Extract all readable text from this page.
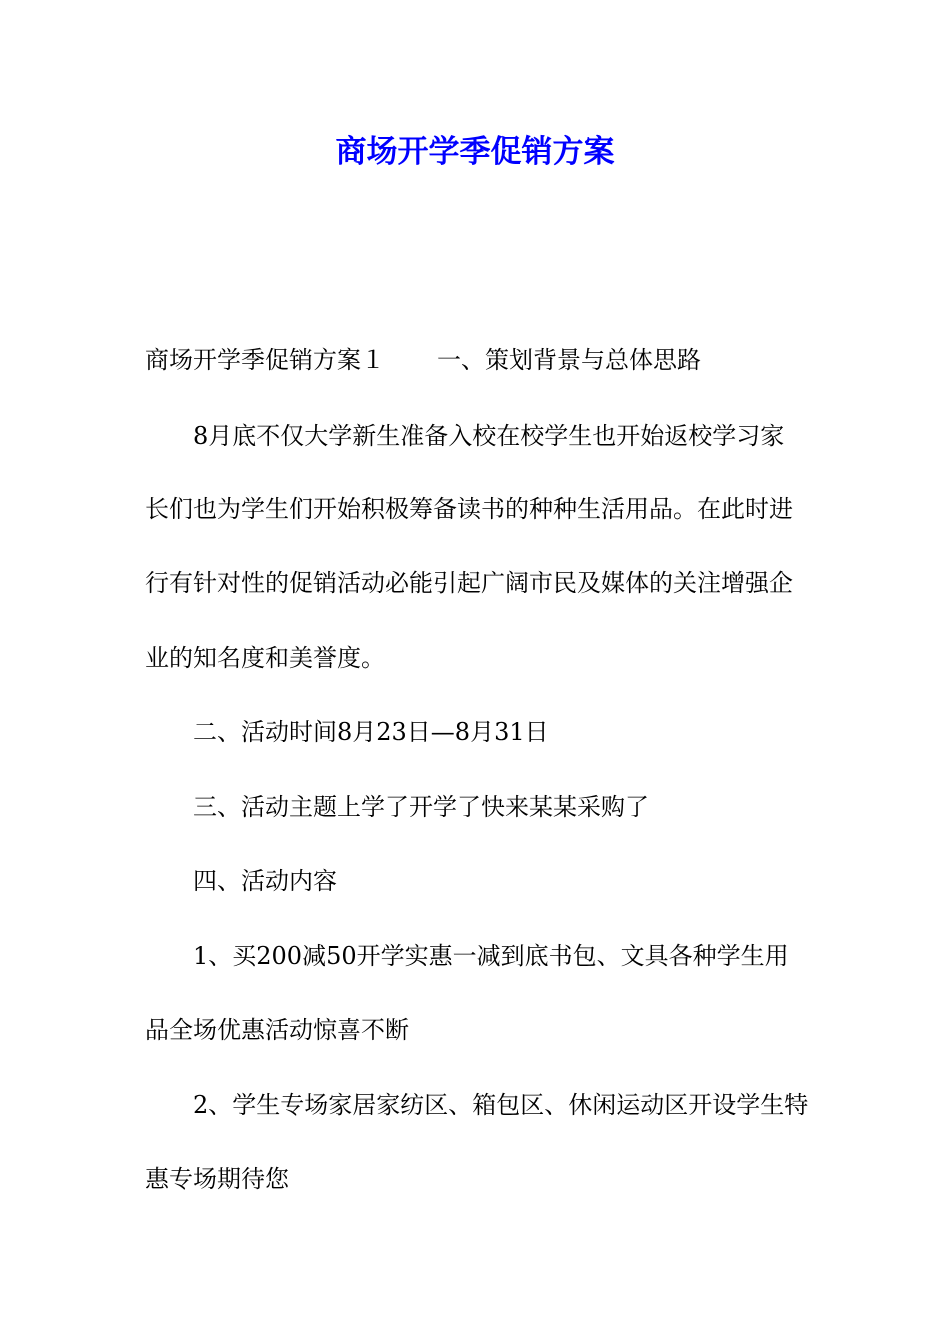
商场开学季促销方案

商场开学季促销方案１ 一、策划背景与总体思路

8月底不仅大学新生准备入校在校学生也开始返校学习家

长们也为学生们开始积极筹备读书的种种生活用品。在此时进

行有针对性的促销活动必能引起广阔市民及媒体的关注增强企

业的知名度和美誉度。

二、活动时间8月23日—8月31日

三、活动主题上学了开学了快来某某采购了

四、活动内容

1、买200减50开学实惠一减到底书包、文具各种学生用

品全场优惠活动惊喜不断

2、学生专场家居家纺区、箱包区、休闲运动区开设学生特

惠专场期待您
